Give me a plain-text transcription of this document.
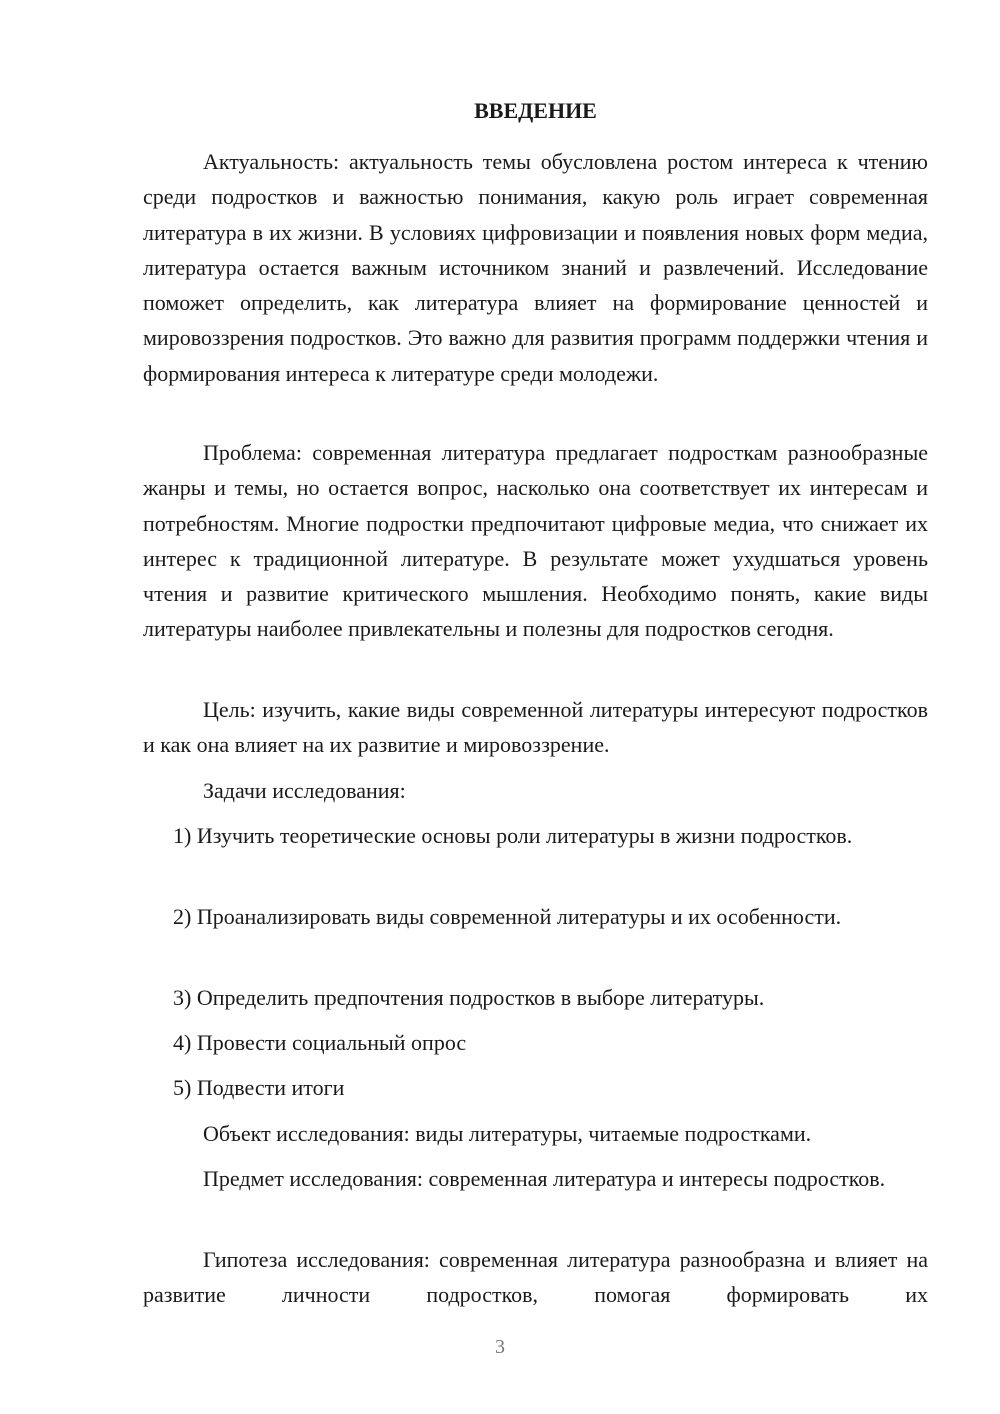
ВВЕДЕНИЕ

Актуальность: актуальность темы обусловлена ростом интереса к чтению среди подростков и важностью понимания, какую роль играет современная литература в их жизни. В условиях цифровизации и появления новых форм медиа, литература остается важным источником знаний и развлечений. Исследование поможет определить, как литература влияет на формирование ценностей и мировоззрения подростков. Это важно для развития программ поддержки чтения и формирования интереса к литературе среди молодежи.

Проблема: современная литература предлагает подросткам разнообразные жанры и темы, но остается вопрос, насколько она соответствует их интересам и потребностям. Многие подростки предпочитают цифровые медиа, что снижает их интерес к традиционной литературе. В результате может ухудшаться уровень чтения и развитие критического мышления. Необходимо понять, какие виды литературы наиболее привлекательны и полезны для подростков сегодня.

Цель: изучить, какие виды современной литературы интересуют подростков и как она влияет на их развитие и мировоззрение.

Задачи исследования:

1) Изучить теоретические основы роли литературы в жизни подростков.

2) Проанализировать виды современной литературы и их особенности.

3) Определить предпочтения подростков в выборе литературы.

4) Провести социальный опрос

5) Подвести итоги

Объект исследования: виды литературы, читаемые подростками.

Предмет исследования: современная литература и интересы подростков.

Гипотеза исследования: современная литература разнообразна и влияет на развитие личности подростков, помогая формировать их

3
